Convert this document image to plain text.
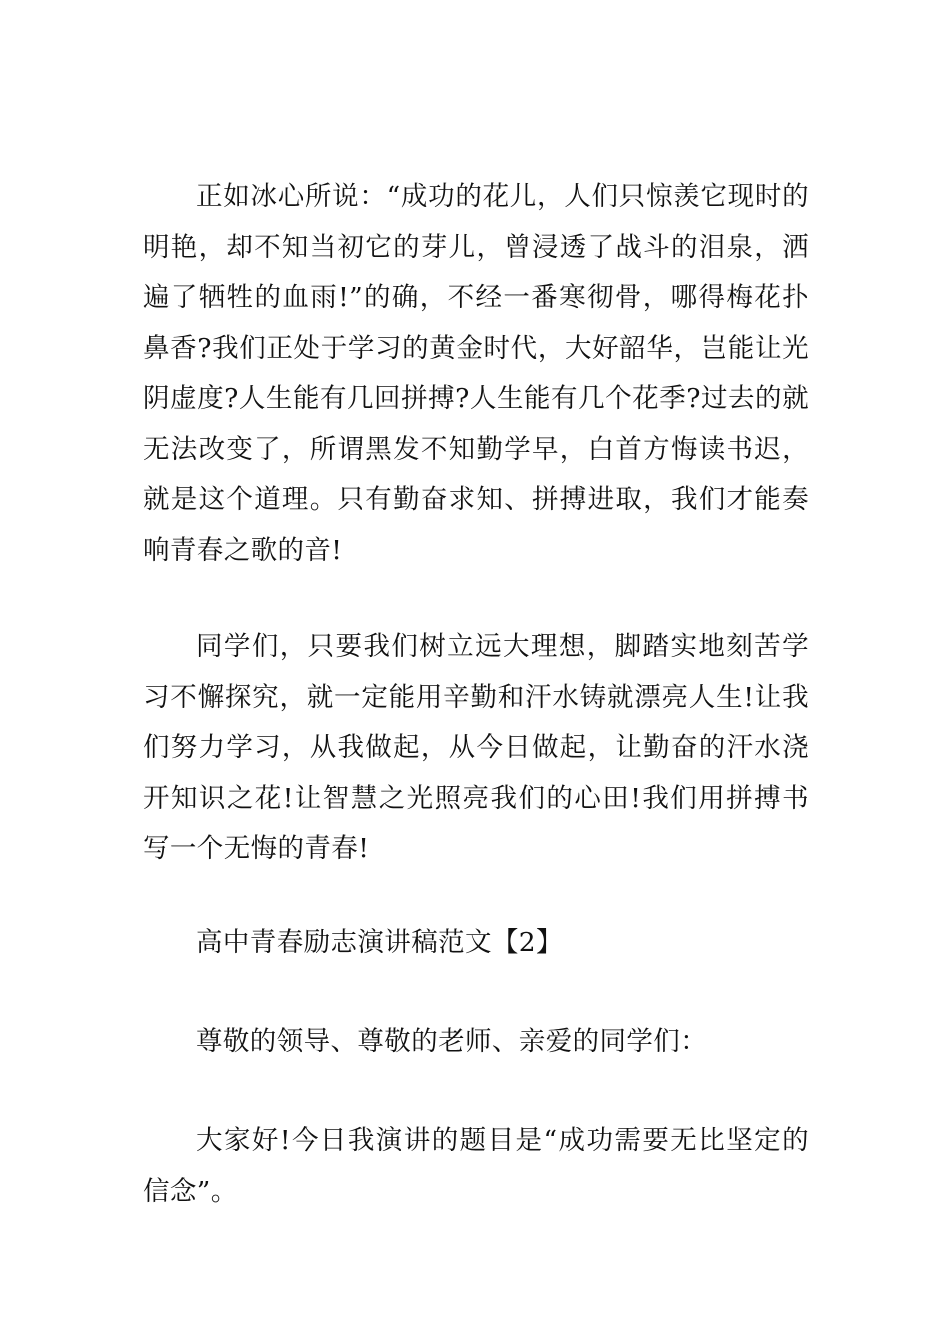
正如冰心所说：“成功的花儿，人们只惊羡它现时的明艳，却不知当初它的芽儿，曾浸透了战斗的泪泉，洒遍了牺牲的血雨!”的确，不经一番寒彻骨，哪得梅花扑鼻香?我们正处于学习的黄金时代，大好韶华，岂能让光阴虚度?人生能有几回拼搏?人生能有几个花季?过去的就无法改变了，所谓黑发不知勤学早，白首方悔读书迟，就是这个道理。只有勤奋求知、拼搏进取，我们才能奏响青春之歌的音!

同学们，只要我们树立远大理想，脚踏实地刻苦学习不懈探究，就一定能用辛勤和汗水铸就漂亮人生!让我们努力学习，从我做起，从今日做起，让勤奋的汗水浇开知识之花!让智慧之光照亮我们的心田!我们用拼搏书写一个无悔的青春!

高中青春励志演讲稿范文【2】

尊敬的领导、尊敬的老师、亲爱的同学们：

大家好!今日我演讲的题目是“成功需要无比坚定的信念”。
